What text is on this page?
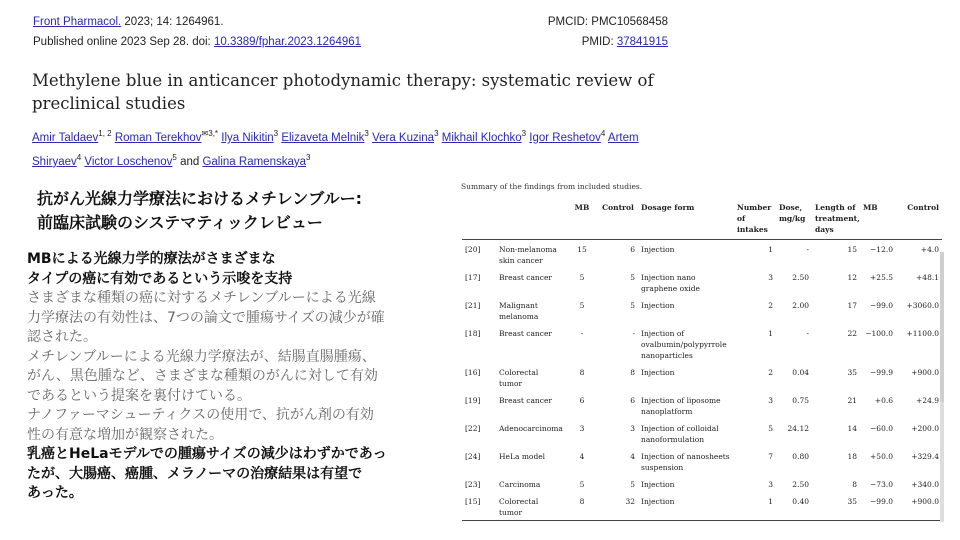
Front Pharmacol. 2023; 14: 1264961.
Published online 2023 Sep 28. doi: 10.3389/fphar.2023.1264961
PMCID: PMC10568458
PMID: 37841915
Methylene blue in anticancer photodynamic therapy: systematic review of preclinical studies
Amir Taldaev$^{1, 2}$ Roman Terekhov$^{✉3,*}$ Ilya Nikitin$^3$ Elizaveta Melnik$^3$ Vera Kuzina$^3$ Mikhail Klochko$^3$ Igor Reshetov$^4$ Artem Shiryaev$^4$ Victor Loschenov$^5$ and Galina Ramenskaya$^3$
抗がん光線力学療法におけるメチレンブルー:
前臨床試験のシステマティックレビュー
MBによる光線力学的療法がさまざまな
タイプの癌に有効であるという示唆を支持
さまざまな種類の癌に対するメチレンブルーによる光線
力学療法の有効性は、7つの論文で腫瘍サイズの減少が確
認された。
メチレンブルーによる光線力学療法が、結腸直腸腫瘍、
がん、黒色腫など、さまざまな種類のがんに対して有効
であるという提案を裏付けている。
ナノファーマシューティクスの使用で、抗がん剤の有効
性の有意な増加が観察された。
乳癌とHeLaモデルでの腫瘍サイズの減少はわずかであっ
たが、大腸癌、癌腫、メラノーマの治療結果は有望で
あった。
Summary of the findings from included studies.
		MB	Control	Dosage form	Number of intakes	Dose, mg/kg	Length of treatment, days	MB	Control
[20]	Non-melanoma skin cancer	15	6	Injection	1	-	15	−12.0	+4.0
[17]	Breast cancer	5	5	Injection nano graphene oxide	3	2.50	12	+25.5	+48.1
[21]	Malignant melanoma	5	5	Injection	2	2.00	17	−99.0	+3060.0
[18]	Breast cancer	-	-	Injection of ovalbumin/polypyrrole nanoparticles	1	-	22	−100.0	+1100.0
[16]	Colorectal tumor	8	8	Injection	2	0.04	35	−99.9	+900.0
[19]	Breast cancer	6	6	Injection of liposome nanoplatform	3	0.75	21	+0.6	+24.9
[22]	Adenocarcinoma	3	3	Injection of colloidal nanoformulation	5	24.12	14	−60.0	+200.0
[24]	HeLa model	4	4	Injection of nanosheets suspension	7	0.80	18	+50.0	+329.4
[23]	Carcinoma	5	5	Injection	3	2.50	8	−73.0	+340.0
[15]	Colorectal tumor	8	32	Injection	1	0.40	35	−99.0	+900.0
